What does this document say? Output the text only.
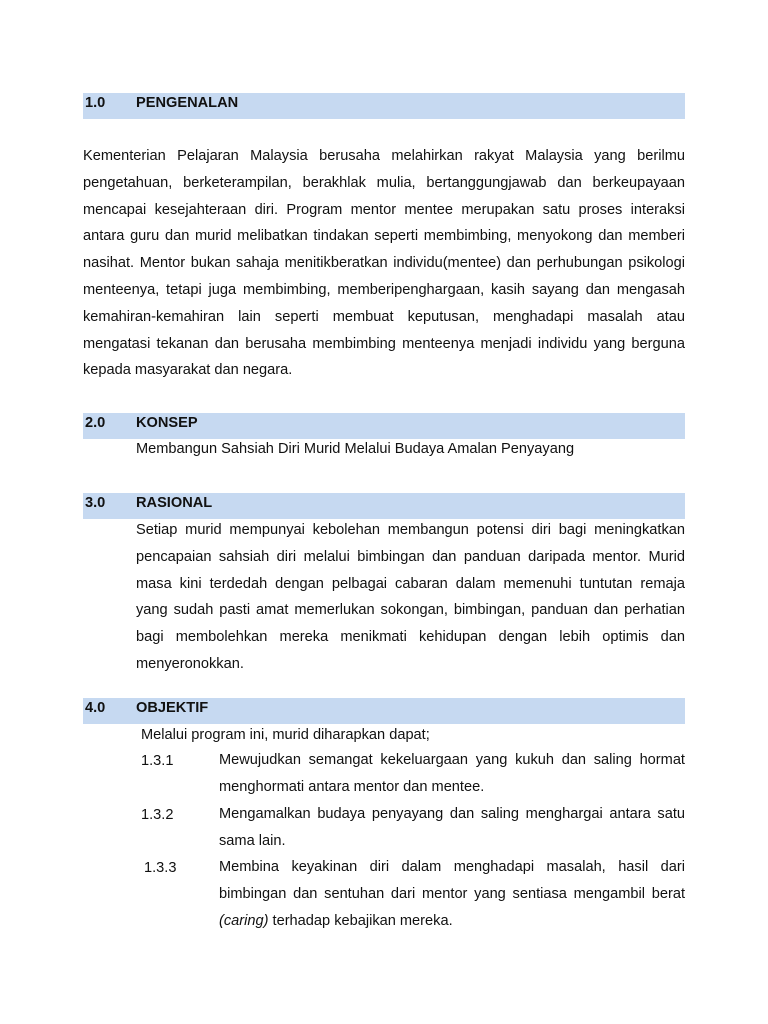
1.0 PENGENALAN

Kementerian Pelajaran Malaysia berusaha melahirkan rakyat Malaysia yang berilmu pengetahuan, berketerampilan, berakhlak mulia, bertanggungjawab dan berkeupayaan mencapai kesejahteraan diri. Program mentor mentee merupakan satu proses interaksi antara guru dan murid melibatkan tindakan seperti membimbing, menyokong dan memberi nasihat. Mentor bukan sahaja menitikberatkan individu(mentee) dan perhubungan psikologi menteenya, tetapi juga membimbing, memberipenghargaan, kasih sayang dan mengasah kemahiran-kemahiran lain seperti membuat keputusan, menghadapi masalah atau mengatasi tekanan dan berusaha membimbing menteenya menjadi individu yang berguna kepada masyarakat dan negara.

2.0 KONSEP

Membangun Sahsiah Diri Murid Melalui Budaya Amalan Penyayang

3.0 RASIONAL

Setiap murid mempunyai kebolehan membangun potensi diri bagi meningkatkan pencapaian sahsiah diri melalui bimbingan dan panduan daripada mentor. Murid masa kini terdedah dengan pelbagai cabaran dalam memenuhi tuntutan remaja yang sudah pasti amat memerlukan sokongan, bimbingan, panduan dan perhatian bagi membolehkan mereka menikmati kehidupan dengan lebih optimis dan menyeronokkan.

4.0 OBJEKTIF

Melalui program ini, murid diharapkan dapat;

1.3.1	Mewujudkan semangat kekeluargaan yang kukuh dan saling hormat menghormati antara mentor dan mentee.

1.3.2	Mengamalkan budaya penyayang dan saling menghargai antara satu sama lain.

1.3.3	Membina keyakinan diri dalam menghadapi masalah, hasil dari bimbingan dan sentuhan dari mentor yang sentiasa mengambil berat (caring) terhadap kebajikan mereka.
